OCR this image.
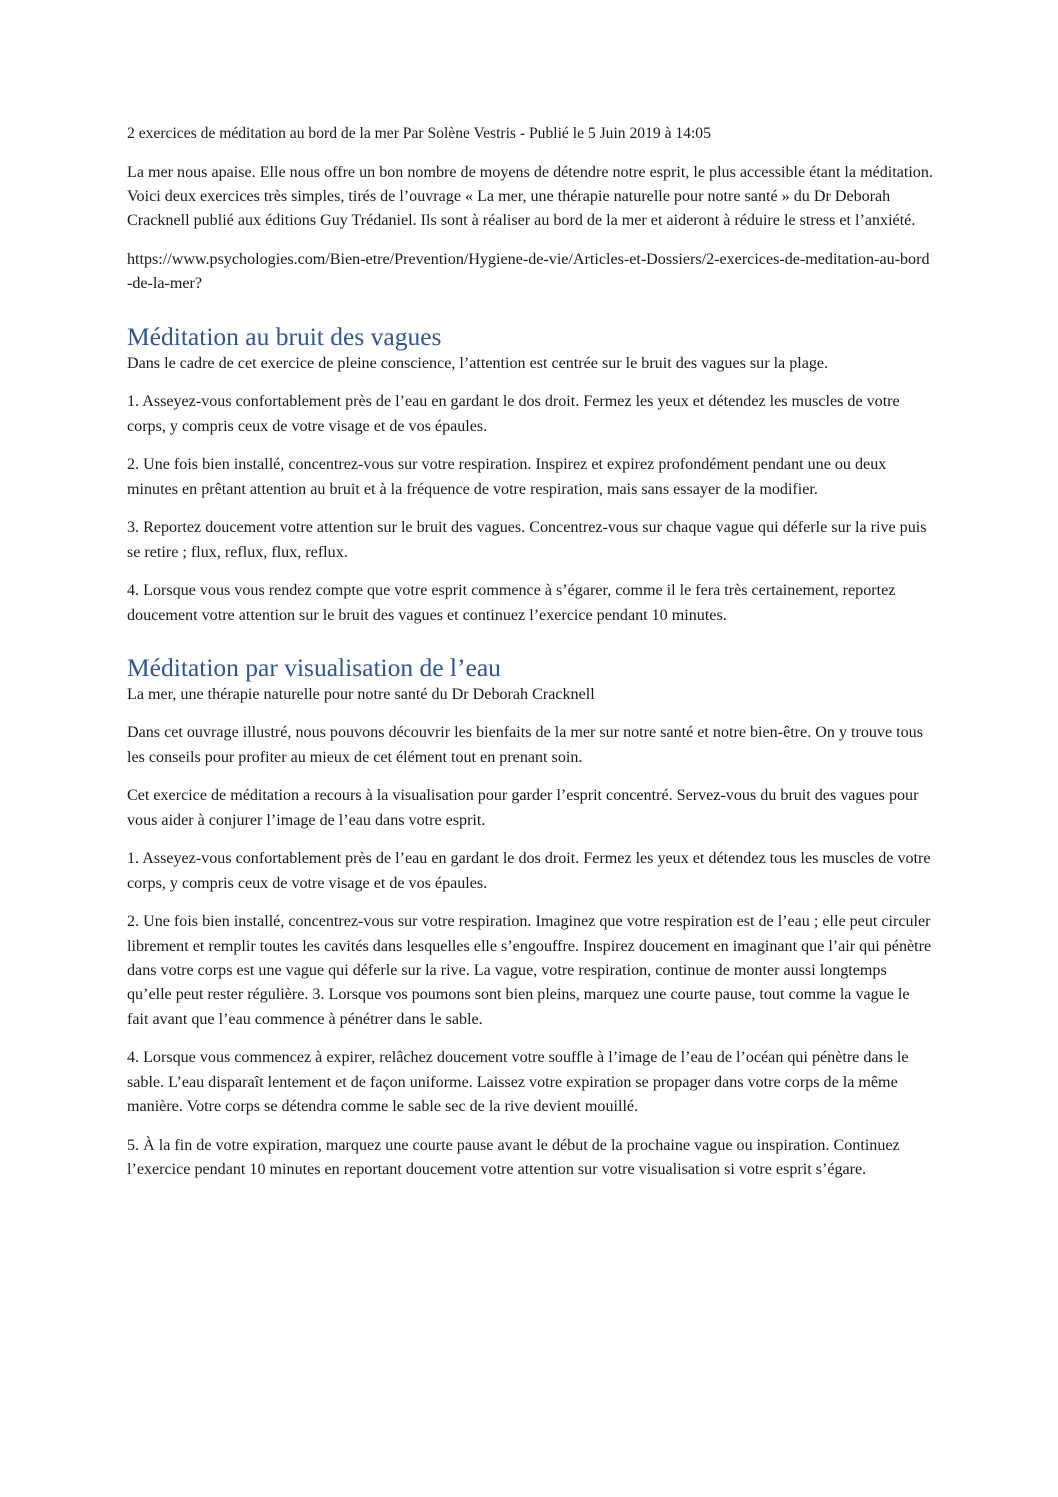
2 exercices de méditation au bord de la mer Par Solène Vestris - Publié le 5 Juin 2019 à 14:05

La mer nous apaise. Elle nous offre un bon nombre de moyens de détendre notre esprit, le plus accessible étant la méditation. Voici deux exercices très simples, tirés de l’ouvrage « La mer, une thérapie naturelle pour notre santé » du Dr Deborah Cracknell publié aux éditions Guy Trédaniel. Ils sont à réaliser au bord de la mer et aideront à réduire le stress et l’anxiété.

https://www.psychologies.com/Bien-etre/Prevention/Hygiene-de-vie/Articles-et-Dossiers/2-exercices-de-meditation-au-bord-de-la-mer?

Méditation au bruit des vagues

Dans le cadre de cet exercice de pleine conscience, l’attention est centrée sur le bruit des vagues sur la plage.

1. Asseyez-vous confortablement près de l’eau en gardant le dos droit. Fermez les yeux et détendez les muscles de votre corps, y compris ceux de votre visage et de vos épaules.

2. Une fois bien installé, concentrez-vous sur votre respiration. Inspirez et expirez profondément pendant une ou deux minutes en prêtant attention au bruit et à la fréquence de votre respiration, mais sans essayer de la modifier.

3. Reportez doucement votre attention sur le bruit des vagues. Concentrez-vous sur chaque vague qui déferle sur la rive puis se retire ; flux, reflux, flux, reflux.

4. Lorsque vous vous rendez compte que votre esprit commence à s’égarer, comme il le fera très certainement, reportez doucement votre attention sur le bruit des vagues et continuez l’exercice pendant 10 minutes.

Méditation par visualisation de l’eau

La mer, une thérapie naturelle pour notre santé du Dr Deborah Cracknell

Dans cet ouvrage illustré, nous pouvons découvrir les bienfaits de la mer sur notre santé et notre bien-être. On y trouve tous les conseils pour profiter au mieux de cet élément tout en prenant soin.

Cet exercice de méditation a recours à la visualisation pour garder l’esprit concentré. Servez-vous du bruit des vagues pour vous aider à conjurer l’image de l’eau dans votre esprit.

1. Asseyez-vous confortablement près de l’eau en gardant le dos droit. Fermez les yeux et détendez tous les muscles de votre corps, y compris ceux de votre visage et de vos épaules.

2. Une fois bien installé, concentrez-vous sur votre respiration. Imaginez que votre respiration est de l’eau ; elle peut circuler librement et remplir toutes les cavités dans lesquelles elle s’engouffre. Inspirez doucement en imaginant que l’air qui pénètre dans votre corps est une vague qui déferle sur la rive. La vague, votre respiration, continue de monter aussi longtemps qu’elle peut rester régulière. 3. Lorsque vos poumons sont bien pleins, marquez une courte pause, tout comme la vague le fait avant que l’eau commence à pénétrer dans le sable.

4. Lorsque vous commencez à expirer, relâchez doucement votre souffle à l’image de l’eau de l’océan qui pénètre dans le sable. L’eau disparaît lentement et de façon uniforme. Laissez votre expiration se propager dans votre corps de la même manière. Votre corps se détendra comme le sable sec de la rive devient mouillé.

5. À la fin de votre expiration, marquez une courte pause avant le début de la prochaine vague ou inspiration. Continuez l’exercice pendant 10 minutes en reportant doucement votre attention sur votre visualisation si votre esprit s’égare.
